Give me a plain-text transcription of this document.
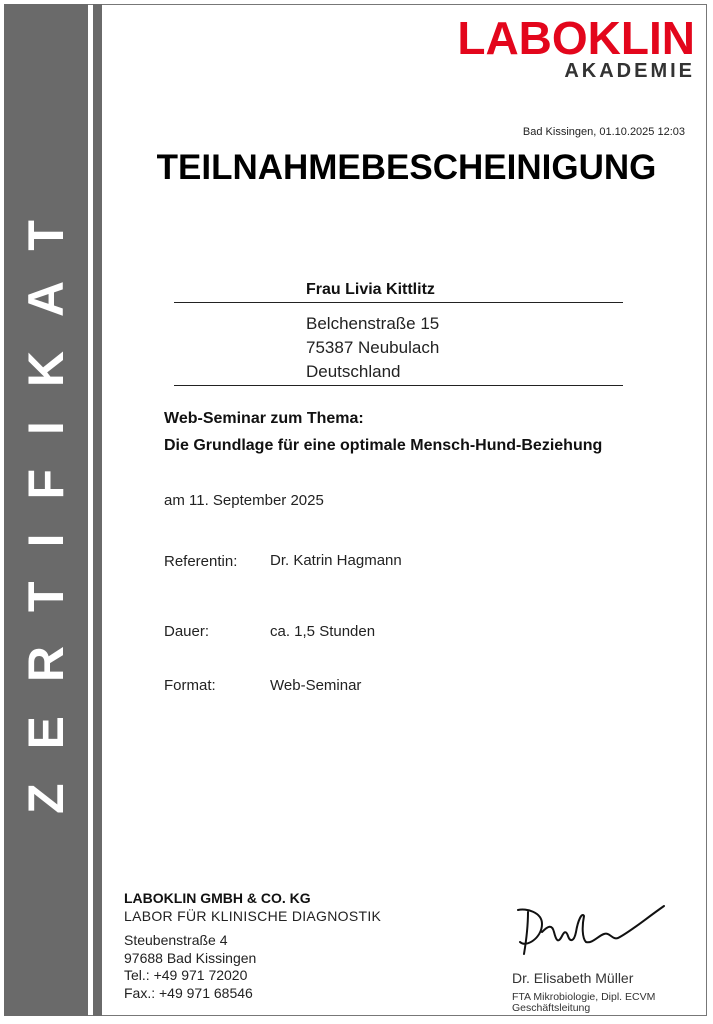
ZERTIFIKAT
LABOKLIN
AKADEMIE
Bad Kissingen, 01.10.2025 12:03
TEILNAHMEBESCHEINIGUNG
Frau Livia Kittlitz
Belchenstraße 15
75387 Neubulach
Deutschland
Web-Seminar zum Thema:
Die Grundlage für eine optimale Mensch-Hund-Beziehung
am 11. September 2025
Referentin: Dr. Katrin Hagmann
Dauer:	ca. 1,5 Stunden
Format:	Web-Seminar
LABOKLIN GMBH & CO. KG
LABOR FÜR KLINISCHE DIAGNOSTIK
Steubenstraße 4
97688 Bad Kissingen
Tel.: +49 971 72020
Fax.: +49 971 68546
Dr. Elisabeth Müller
FTA Mikrobiologie, Dipl. ECVM
Geschäftsleitung
